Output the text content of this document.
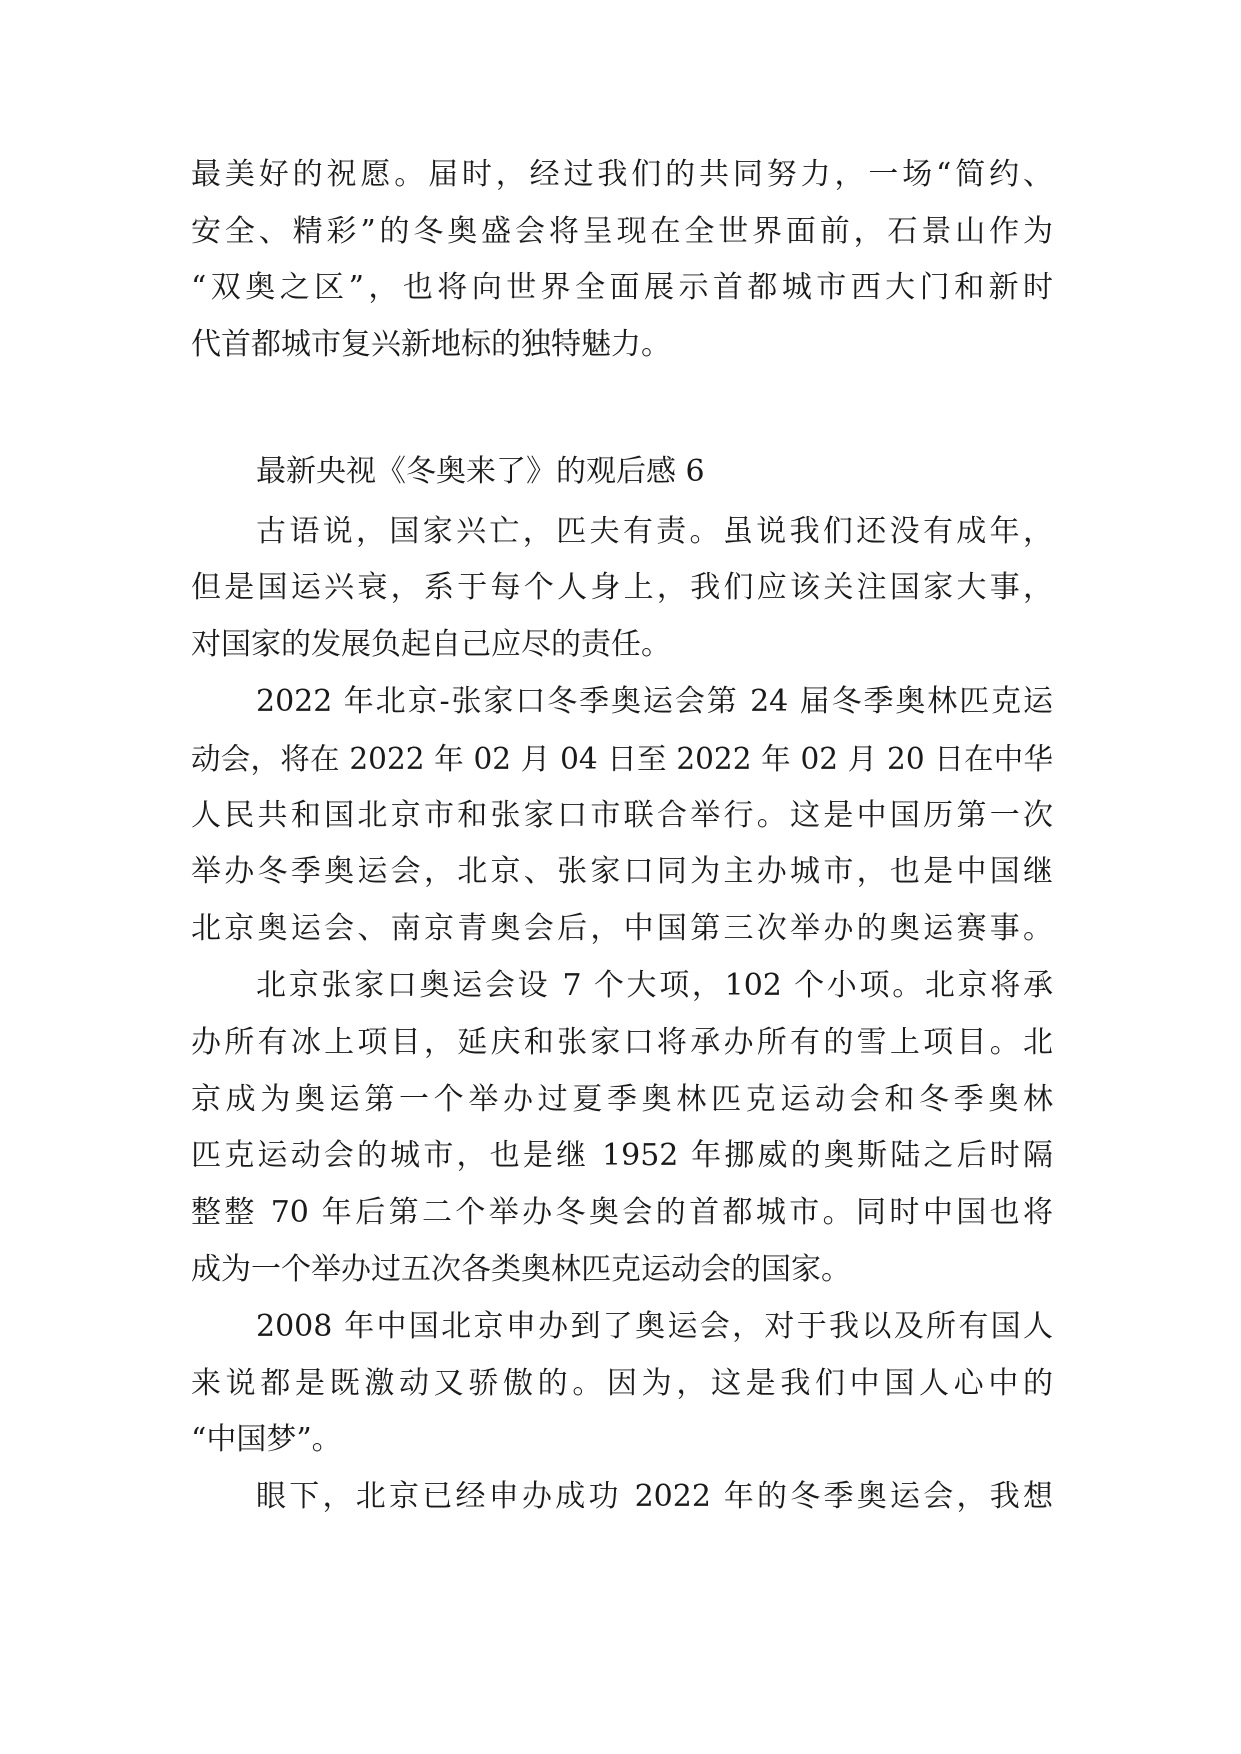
最美好的祝愿。届时，经过我们的共同努力，一场“简约、
安全、精彩”的冬奥盛会将呈现在全世界面前，石景山作为
“双奥之区”，也将向世界全面展示首都城市西大门和新时
代首都城市复兴新地标的独特魅力。
最新央视《冬奥来了》的观后感 6
古语说，国家兴亡，匹夫有责。虽说我们还没有成年，
但是国运兴衰，系于每个人身上，我们应该关注国家大事，
对国家的发展负起自己应尽的责任。
2022 年北京-张家口冬季奥运会第 24 届冬季奥林匹克运
动会，将在 2022 年 02 月 04 日至 2022 年 02 月 20 日在中华
人民共和国北京市和张家口市联合举行。这是中国历第一次
举办冬季奥运会，北京、张家口同为主办城市，也是中国继
北京奥运会、南京青奥会后，中国第三次举办的奥运赛事。
北京张家口奥运会设 7 个大项，102 个小项。北京将承
办所有冰上项目，延庆和张家口将承办所有的雪上项目。北
京成为奥运第一个举办过夏季奥林匹克运动会和冬季奥林
匹克运动会的城市，也是继 1952 年挪威的奥斯陆之后时隔
整整 70 年后第二个举办冬奥会的首都城市。同时中国也将
成为一个举办过五次各类奥林匹克运动会的国家。
2008 年中国北京申办到了奥运会，对于我以及所有国人
来说都是既激动又骄傲的。因为，这是我们中国人心中的
“中国梦”。
眼下，北京已经申办成功 2022 年的冬季奥运会，我想
